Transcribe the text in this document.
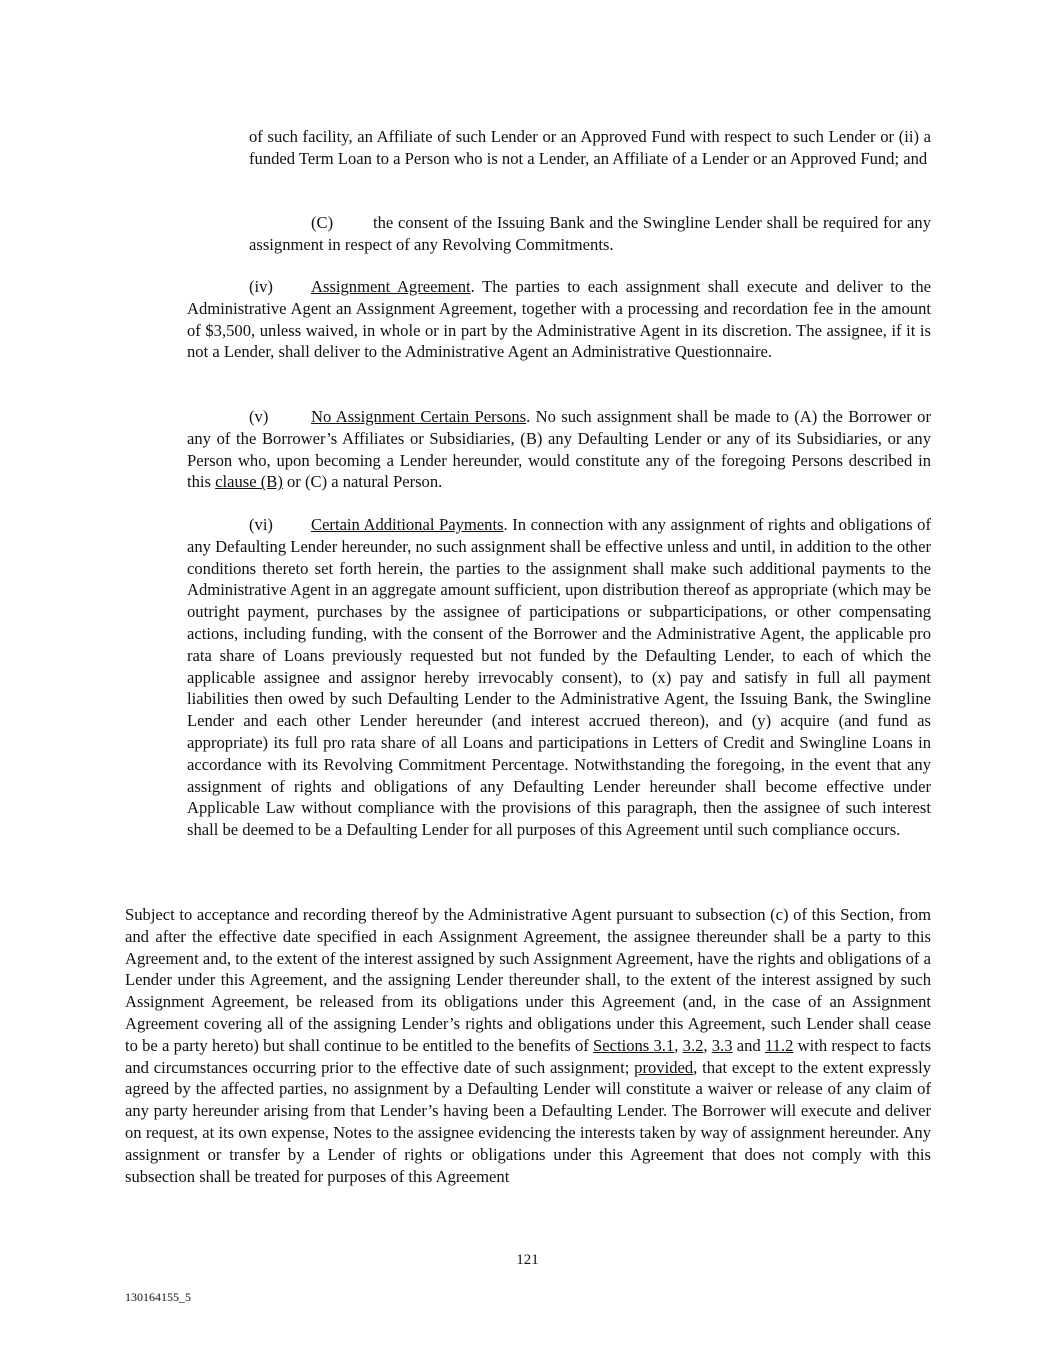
of such facility, an Affiliate of such Lender or an Approved Fund with respect to such Lender or (ii) a funded Term Loan to a Person who is not a Lender, an Affiliate of a Lender or an Approved Fund; and

(C) the consent of the Issuing Bank and the Swingline Lender shall be required for any assignment in respect of any Revolving Commitments.

(iv) Assignment Agreement. The parties to each assignment shall execute and deliver to the Administrative Agent an Assignment Agreement, together with a processing and recordation fee in the amount of $3,500, unless waived, in whole or in part by the Administrative Agent in its discretion. The assignee, if it is not a Lender, shall deliver to the Administrative Agent an Administrative Questionnaire.

(v)	No Assignment Certain Persons. No such assignment shall be made to (A) the Borrower or any of the Borrower’s Affiliates or Subsidiaries, (B) any Defaulting Lender or any of its Subsidiaries, or any Person who, upon becoming a Lender hereunder, would constitute any of the foregoing Persons described in this clause (B) or (C) a natural Person.

(vi) Certain Additional Payments. In connection with any assignment of rights and obligations of any Defaulting Lender hereunder, no such assignment shall be effective unless and until, in addition to the other conditions thereto set forth herein, the parties to the assignment shall make such additional payments to the Administrative Agent in an aggregate amount sufficient, upon distribution thereof as appropriate (which may be outright payment, purchases by the assignee of participations or subparticipations, or other compensating actions, including funding, with the consent of the Borrower and the Administrative Agent, the applicable pro rata share of Loans previously requested but not funded by the Defaulting Lender, to each of which the applicable assignee and assignor hereby irrevocably consent), to (x) pay and satisfy in full all payment liabilities then owed by such Defaulting Lender to the Administrative Agent, the Issuing Bank, the Swingline Lender and each other Lender hereunder (and interest accrued thereon), and (y) acquire (and fund as appropriate) its full pro rata share of all Loans and participations in Letters of Credit and Swingline Loans in accordance with its Revolving Commitment Percentage. Notwithstanding the foregoing, in the event that any assignment of rights and obligations of any Defaulting Lender hereunder shall become effective under Applicable Law without compliance with the provisions of this paragraph, then the assignee of such interest shall be deemed to be a Defaulting Lender for all purposes of this Agreement until such compliance occurs.

Subject to acceptance and recording thereof by the Administrative Agent pursuant to subsection (c) of this Section, from and after the effective date specified in each Assignment Agreement, the assignee thereunder shall be a party to this Agreement and, to the extent of the interest assigned by such Assignment Agreement, have the rights and obligations of a Lender under this Agreement, and the assigning Lender thereunder shall, to the extent of the interest assigned by such Assignment Agreement, be released from its obligations under this Agreement (and, in the case of an Assignment Agreement covering all of the assigning Lender’s rights and obligations under this Agreement, such Lender shall cease to be a party hereto) but shall continue to be entitled to the benefits of Sections 3.1, 3.2, 3.3 and 11.2 with respect to facts and circumstances occurring prior to the effective date of such assignment; provided, that except to the extent expressly agreed by the affected parties, no assignment by a Defaulting Lender will constitute a waiver or release of any claim of any party hereunder arising from that Lender’s having been a Defaulting Lender. The Borrower will execute and deliver on request, at its own expense, Notes to the assignee evidencing the interests taken by way of assignment hereunder. Any assignment or transfer by a Lender of rights or obligations under this Agreement that does not comply with this subsection shall be treated for purposes of this Agreement

121
130164155_5
